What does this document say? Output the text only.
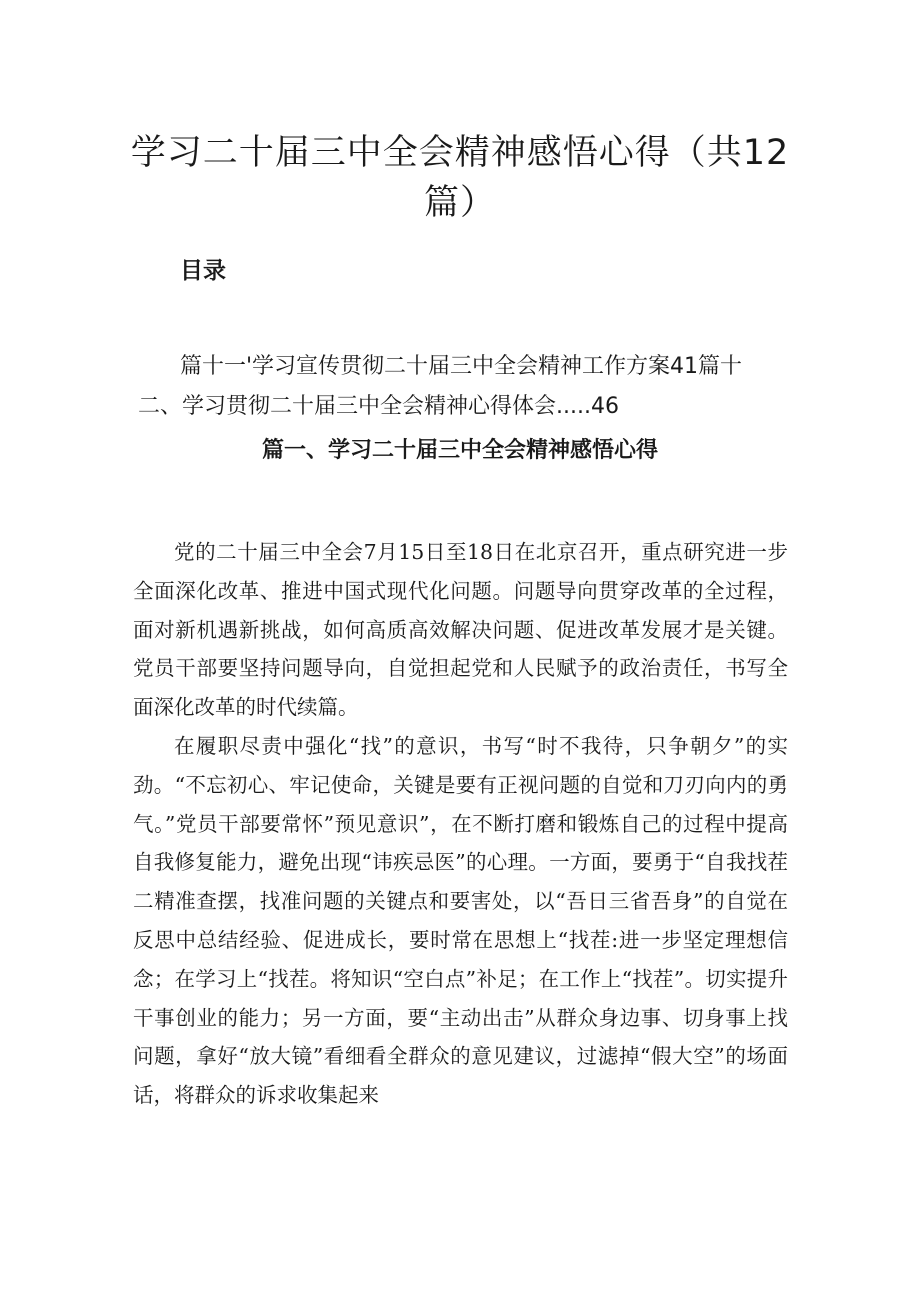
学习二十届三中全会精神感悟心得（共12
篇）
目录
篇十一'学习宣传贯彻二十届三中全会精神工作方案41篇十
二、学习贯彻二十届三中全会精神心得体会.....46
篇一、学习二十届三中全会精神感悟心得

党的二十届三中全会7月15日至18日在北京召开，重点研究进一步全面深化改革、推进中国式现代化问题。问题导向贯穿改革的全过程，面对新机遇新挑战，如何高质高效解决问题、促进改革发展才是关键。党员干部要坚持问题导向，自觉担起党和人民赋予的政治责任，书写全面深化改革的时代续篇。

在履职尽责中强化“找”的意识，书写“时不我待，只争朝夕”的实劲。“不忘初心、牢记使命，关键是要有正视问题的自觉和刀刃向内的勇气。”党员干部要常怀”预见意识”，在不断打磨和锻炼自己的过程中提高自我修复能力，避免出现“讳疾忌医”的心理。一方面，要勇于“自我找茬二精准查摆，找准问题的关键点和要害处，以“吾日三省吾身”的自觉在反思中总结经验、促进成长，要时常在思想上“找茬:进一步坚定理想信念；在学习上“找茬。将知识“空白点”补足；在工作上“找茬”。切实提升干事创业的能力；另一方面，要“主动出击”从群众身边事、切身事上找问题，拿好“放大镜”看细看全群众的意见建议，过滤掉“假大空”的场面话，将群众的诉求收集起来
